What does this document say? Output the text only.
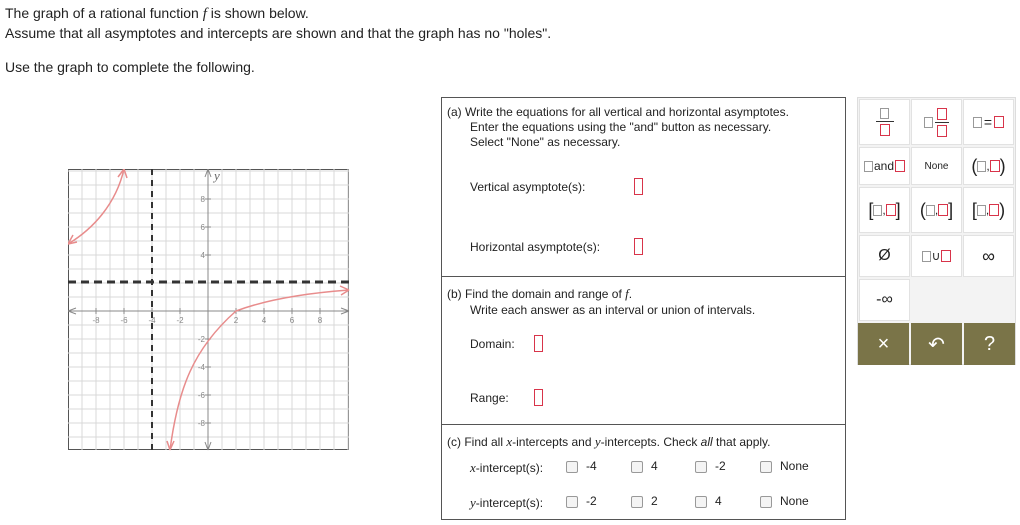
The graph of a rational function f is shown below.
Assume that all asymptotes and intercepts are shown and that the graph has no "holes".
Use the graph to complete the following.
-8	-6	-4	-2	2	4	6	8
8
6
4
-2
-4
-6
-8
y
(a) Write the equations for all vertical and horizontal asymptotes.
Enter the equations using the "and" button as necessary.
Select "None" as necessary.
Vertical asymptote(s):
Horizontal asymptote(s):
(b) Find the domain and range of f.
Write each answer as an interval or union of intervals.
Domain:
Range:
(c) Find all x-intercepts and y-intercepts. Check all that apply.
x-intercept(s):	-4	4	-2	None
y-intercept(s):	-2	2	4	None
=
and	None ( , )
[ , ] ( , ] [ , )
Ø	∪ ∞
-∞
× ↶ ?
